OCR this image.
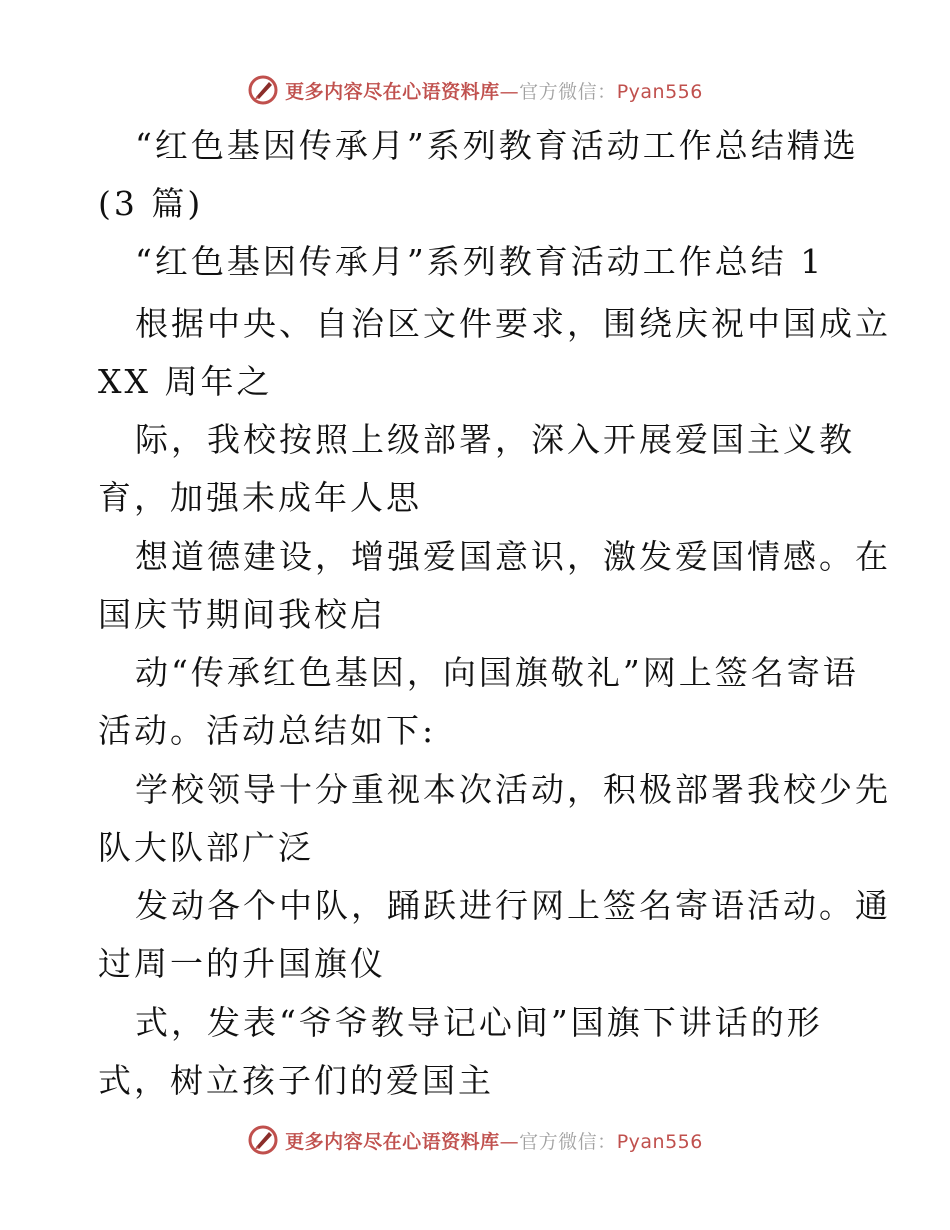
更多内容尽在心语资料库—官方微信：Pyan556
“红色基因传承月”系列教育活动工作总结精选
(3 篇)
“红色基因传承月”系列教育活动工作总结 1
根据中央、自治区文件要求，围绕庆祝中国成立
XX 周年之
际，我校按照上级部署，深入开展爱国主义教
育，加强未成年人思
想道德建设，增强爱国意识，激发爱国情感。在
国庆节期间我校启
动“传承红色基因，向国旗敬礼”网上签名寄语
活动。活动总结如下:
学校领导十分重视本次活动，积极部署我校少先
队大队部广泛
发动各个中队，踊跃进行网上签名寄语活动。通
过周一的升国旗仪
式，发表“爷爷教导记心间”国旗下讲话的形
式，树立孩子们的爱国主
更多内容尽在心语资料库—官方微信：Pyan556
